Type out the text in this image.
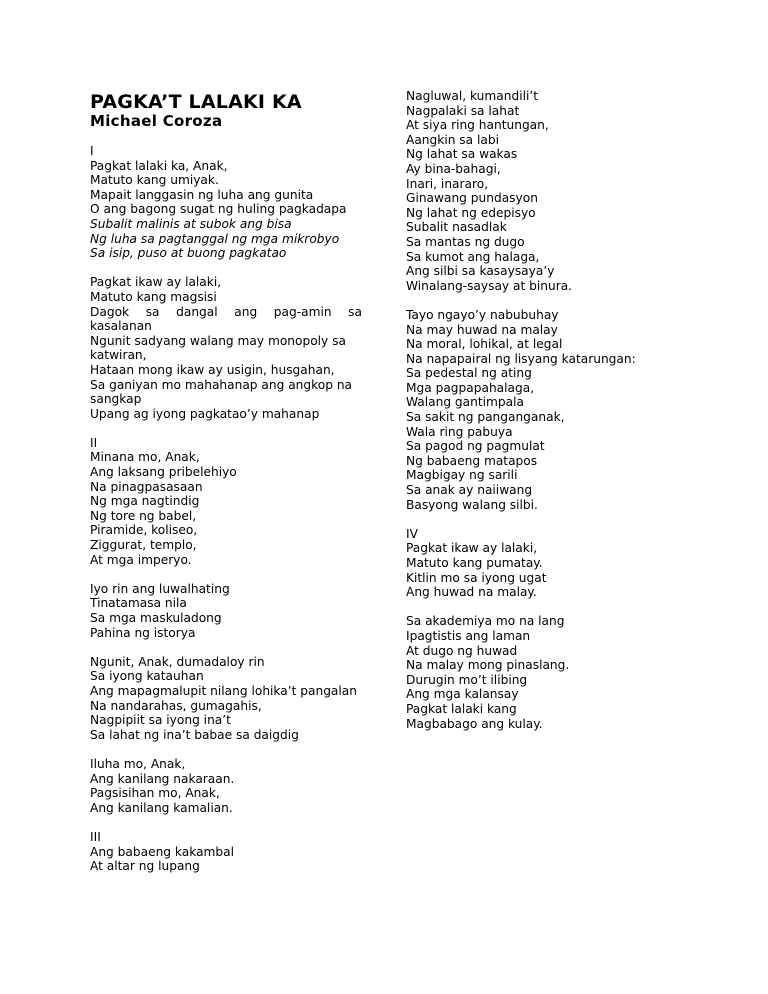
PAGKA’T LALAKI KA
Michael Coroza
I
Pagkat lalaki ka, Anak,
Matuto kang umiyak.
Mapait langgasin ng luha ang gunita
O ang bagong sugat ng huling pagkadapa
Subalit malinis at subok ang bisa
Ng luha sa pagtanggal ng mga mikrobyo
Sa isip, puso at buong pagkatao
Pagkat ikaw ay lalaki,
Matuto kang magsisi
Dagok sa dangal ang pag-amin sa kasalanan
Ngunit sadyang walang may monopoly sa katwiran,
Hataan mong ikaw ay usigin, husgahan,
Sa ganiyan mo mahahanap ang angkop na sangkap
Upang ag iyong pagkatao’y mahanap
II
Minana mo, Anak,
Ang laksang pribelehiyo
Na pinagpasasaan
Ng mga nagtindig
Ng tore ng babel,
Piramide, koliseo,
Ziggurat, templo,
At mga imperyo.
Iyo rin ang luwalhating
Tinatamasa nila
Sa mga maskuladong
Pahina ng istorya
Ngunit, Anak, dumadaloy rin
Sa iyong katauhan
Ang mapagmalupit nilang lohika’t pangalan
Na nandarahas, gumagahis,
Nagpipiit sa iyong ina’t
Sa lahat ng ina’t babae sa daigdig
Iluha mo, Anak,
Ang kanilang nakaraan.
Pagsisihan mo, Anak,
Ang kanilang kamalian.
III
Ang babaeng kakambal
At altar ng lupang
Nagluwal, kumandili’t
Nagpalaki sa lahat
At siya ring hantungan,
Aangkin sa labi
Ng lahat sa wakas
Ay bina-bahagi,
Inari, inararo,
Ginawang pundasyon
Ng lahat ng edepisyo
Subalit nasadlak
Sa mantas ng dugo
Sa kumot ang halaga,
Ang silbi sa kasaysaya’y
Winalang-saysay at binura.
Tayo ngayo’y nabubuhay
Na may huwad na malay
Na moral, lohikal, at legal
Na napapairal ng lisyang katarungan:
Sa pedestal ng ating
Mga pagpapahalaga,
Walang gantimpala
Sa sakit ng panganganak,
Wala ring pabuya
Sa pagod ng pagmulat
Ng babaeng matapos
Magbigay ng sarili
Sa anak ay naiiwang
Basyong walang silbi.
IV
Pagkat ikaw ay lalaki,
Matuto kang pumatay.
Kitlin mo sa iyong ugat
Ang huwad na malay.
Sa akademiya mo na lang
Ipagtistis ang laman
At dugo ng huwad
Na malay mong pinaslang.
Durugin mo’t ilibing
Ang mga kalansay
Pagkat lalaki kang
Magbabago ang kulay.
